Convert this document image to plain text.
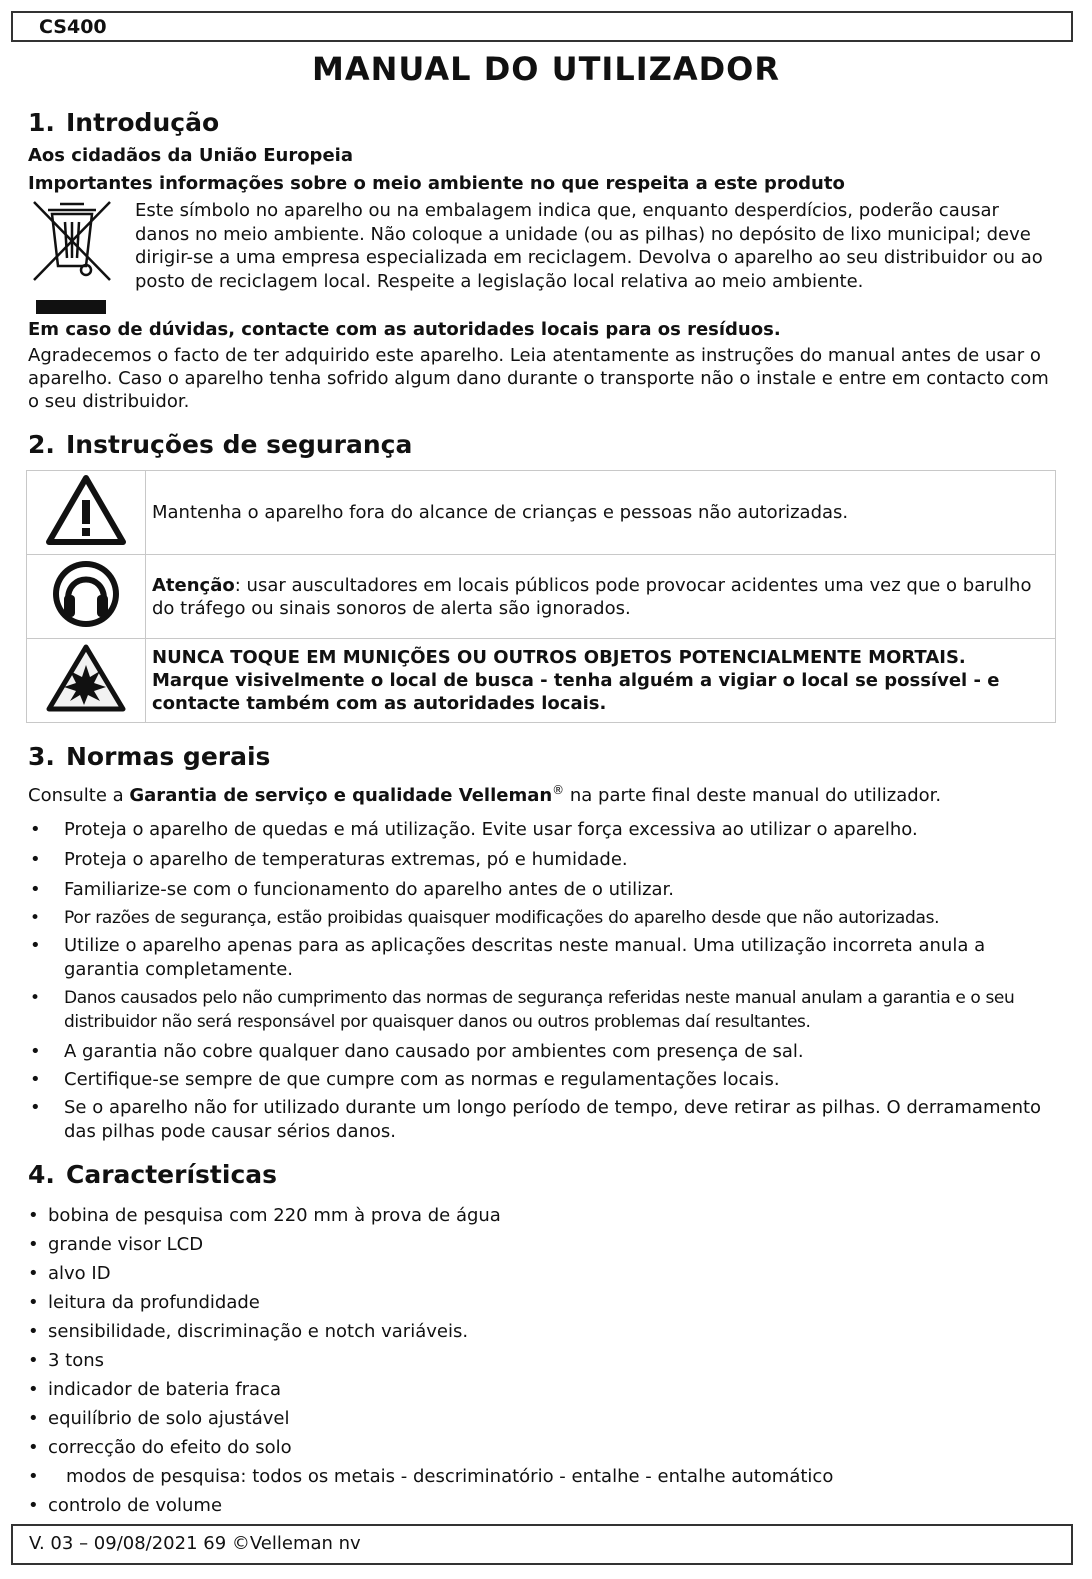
CS400
MANUAL DO UTILIZADOR
1. Introdução
Aos cidadãos da União Europeia
Importantes informações sobre o meio ambiente no que respeita a este produto
Este símbolo no aparelho ou na embalagem indica que, enquanto desperdícios, poderão causar danos no meio ambiente. Não coloque a unidade (ou as pilhas) no depósito de lixo municipal; deve dirigir-se a uma empresa especializada em reciclagem. Devolva o aparelho ao seu distribuidor ou ao posto de reciclagem local. Respeite a legislação local relativa ao meio ambiente.
Em caso de dúvidas, contacte com as autoridades locais para os resíduos.
Agradecemos o facto de ter adquirido este aparelho. Leia atentamente as instruções do manual antes de usar o aparelho. Caso o aparelho tenha sofrido algum dano durante o transporte não o instale e entre em contacto com o seu distribuidor.
2. Instruções de segurança
	Mantenha o aparelho fora do alcance de crianças e pessoas não autorizadas.
	Atenção: usar auscultadores em locais públicos pode provocar acidentes uma vez que o barulho do tráfego ou sinais sonoros de alerta são ignorados.
	NUNCA TOQUE EM MUNIÇÕES OU OUTROS OBJETOS POTENCIALMENTE MORTAIS. Marque visivelmente o local de busca - tenha alguém a vigiar o local se possível - e contacte também com as autoridades locais.
3. Normas gerais
Consulte a Garantia de serviço e qualidade Velleman® na parte final deste manual do utilizador.
• Proteja o aparelho de quedas e má utilização. Evite usar força excessiva ao utilizar o aparelho.
• Proteja o aparelho de temperaturas extremas, pó e humidade.
• Familiarize-se com o funcionamento do aparelho antes de o utilizar.
• Por razões de segurança, estão proibidas quaisquer modificações do aparelho desde que não autorizadas.
• Utilize o aparelho apenas para as aplicações descritas neste manual. Uma utilização incorreta anula a garantia completamente.
• Danos causados pelo não cumprimento das normas de segurança referidas neste manual anulam a garantia e o seu distribuidor não será responsável por quaisquer danos ou outros problemas daí resultantes.
• A garantia não cobre qualquer dano causado por ambientes com presença de sal.
• Certifique-se sempre de que cumpre com as normas e regulamentações locais.
• Se o aparelho não for utilizado durante um longo período de tempo, deve retirar as pilhas. O derramamento das pilhas pode causar sérios danos.
4. Características
• bobina de pesquisa com 220 mm à prova de água
• grande visor LCD
• alvo ID
• leitura da profundidade
• sensibilidade, discriminação e notch variáveis.
• 3 tons
• indicador de bateria fraca
• equilíbrio de solo ajustável
• correcção do efeito do solo
• modos de pesquisa: todos os metais - descriminatório - entalhe - entalhe automático
• controlo de volume
V. 03 – 09/08/2021 69 ©Velleman nv
